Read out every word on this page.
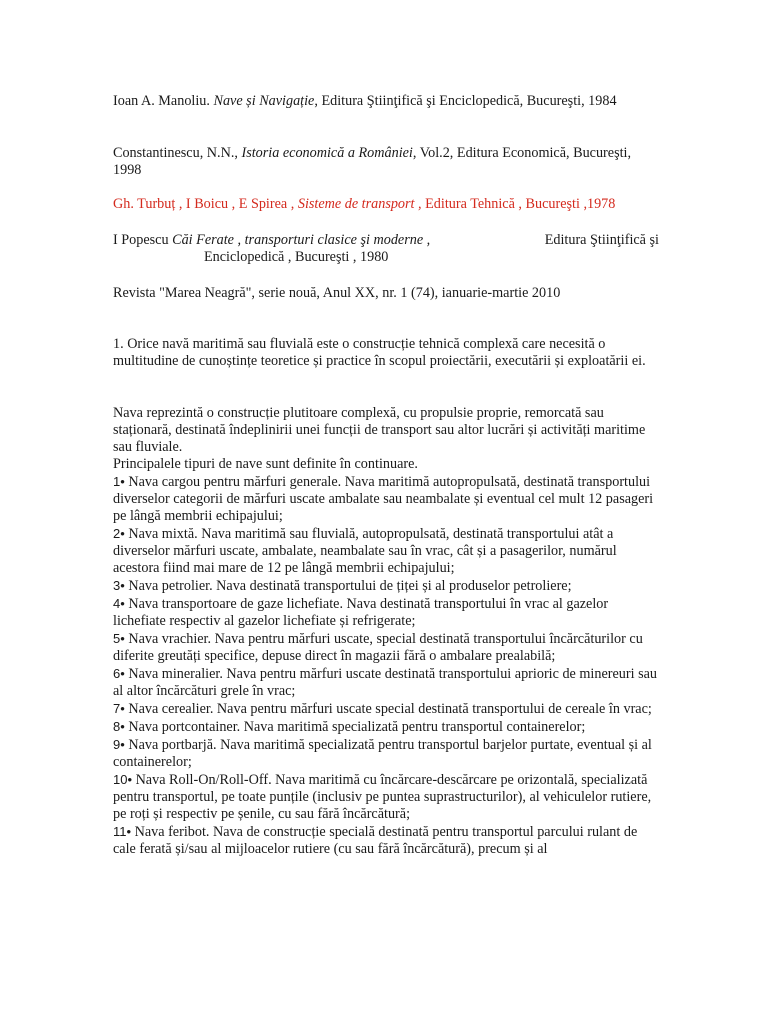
Ioan A. Manoliu. Nave și Navigație, Editura Ştiinţifică şi Enciclopedică, Bucureşti, 1984

Constantinescu, N.N., Istoria economică a României, Vol.2, Editura Economică, Bucureşti, 1998

Gh. Turbuț , I Boicu , E Spirea , Sisteme de transport , Editura Tehnică , Bucureşti ,1978

I Popescu Căi Ferate , transporturi clasice şi moderne ,	Editura Ştiinţifică şi
Enciclopedică , Bucureşti , 1980

Revista "Marea Neagră", serie nouă, Anul XX, nr. 1 (74), ianuarie-martie 2010

1. Orice navă maritimă sau fluvială este o construcție tehnică complexă care necesită o multitudine de cunoștințe teoretice și practice în scopul proiectării, executării și exploatării ei.

Nava reprezintă o construcție plutitoare complexă, cu propulsie proprie, remorcată sau staționară, destinată îndeplinirii unei funcții de transport sau altor lucrări și activități maritime sau fluviale.

Principalele tipuri de nave sunt definite în continuare.

1• Nava cargou pentru mărfuri generale. Nava maritimă autopropulsată, destinată transportului diverselor categorii de mărfuri uscate ambalate sau neambalate și eventual cel mult 12 pasageri pe lângă membrii echipajului;

2• Nava mixtă. Nava maritimă sau fluvială, autopropulsată, destinată transportului atât a diverselor mărfuri uscate, ambalate, neambalate sau în vrac, cât și a pasagerilor, numărul acestora fiind mai mare de 12 pe lângă membrii echipajului;

3• Nava petrolier. Nava destinată transportului de țiței și al produselor petroliere;

4• Nava transportoare de gaze lichefiate. Nava destinată transportului în vrac al gazelor lichefiate respectiv al gazelor lichefiate și refrigerate;

5• Nava vrachier. Nava pentru mărfuri uscate, special destinată transportului încărcăturilor cu diferite greutăți specifice, depuse direct în magazii fără o ambalare prealabilă;

6• Nava mineralier. Nava pentru mărfuri uscate destinată transportului aprioric de minereuri sau al altor încărcături grele în vrac;

7• Nava cerealier. Nava pentru mărfuri uscate special destinată transportului de cereale în vrac;

8• Nava portcontainer. Nava maritimă specializată pentru transportul containerelor;

9• Nava portbarjă. Nava maritimă specializată pentru transportul barjelor purtate, eventual și al containerelor;

10• Nava Roll-On/Roll-Off. Nava maritimă cu încărcare-descărcare pe orizontală, specializată pentru transportul, pe toate punțile (inclusiv pe puntea suprastructurilor), al vehiculelor rutiere, pe roți și respectiv pe șenile, cu sau fără încărcătură;

11• Nava feribot. Nava de construcție specială destinată pentru transportul parcului rulant de cale ferată și/sau al mijloacelor rutiere (cu sau fără încărcătură), precum și al
